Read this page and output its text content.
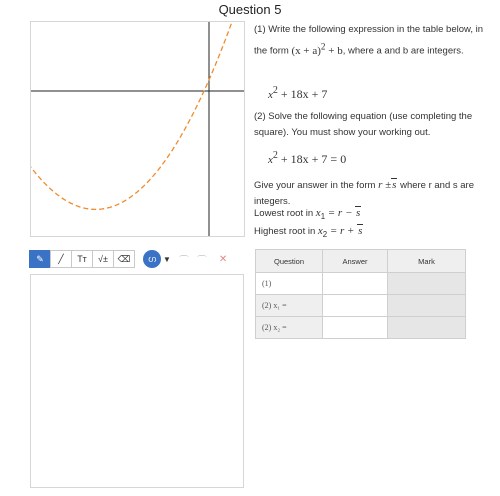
Question 5

(1) Write the following expression in the table below, in the form $(x + a)^2 + b$, where a and b are integers.

$x^2 + 18x + 7$

(2) Solve the following equation (use completing the square). You must show your working out.

$x^2 + 18x + 7 = 0$

Give your answer in the form r ±s where r and s are integers.

Lowest root in $x_1 = r - s$

Highest root in $x_2 = r + s$

✎	╱	Tт	√±	⌫	ഗ ▼ ⌒ ⌒ ✕	Question	Answer	Mark
(1)		
(2) x₁ =		
(2) x₂ =		
